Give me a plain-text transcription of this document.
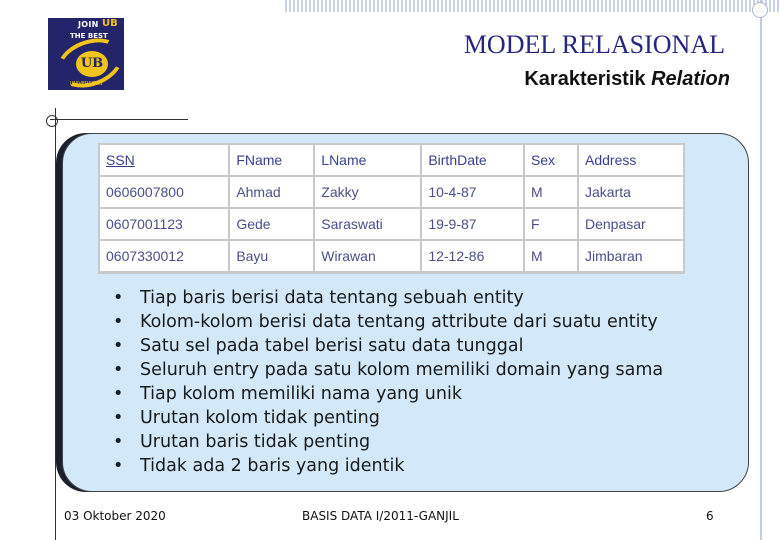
JOIN UB
THE BEST
UB
UNIVERSITAS
MODEL RELASIONAL
Karakteristik Relation
SSN	FName	LName	BirthDate	Sex	Address
0606007800	Ahmad	Zakky	10-4-87	M	Jakarta
0607001123	Gede	Saraswati	19-9-87	F	Denpasar
0607330012	Bayu	Wirawan	12-12-86	M	Jimbaran
• Tiap baris berisi data tentang sebuah entity
• Kolom-kolom berisi data tentang attribute dari suatu entity
• Satu sel pada tabel berisi satu data tunggal
• Seluruh entry pada satu kolom memiliki domain yang sama
• Tiap kolom memiliki nama yang unik
• Urutan kolom tidak penting
• Urutan baris tidak penting
• Tidak ada 2 baris yang identik
03 Oktober 2020	BASIS DATA I/2011-GANJIL	6
